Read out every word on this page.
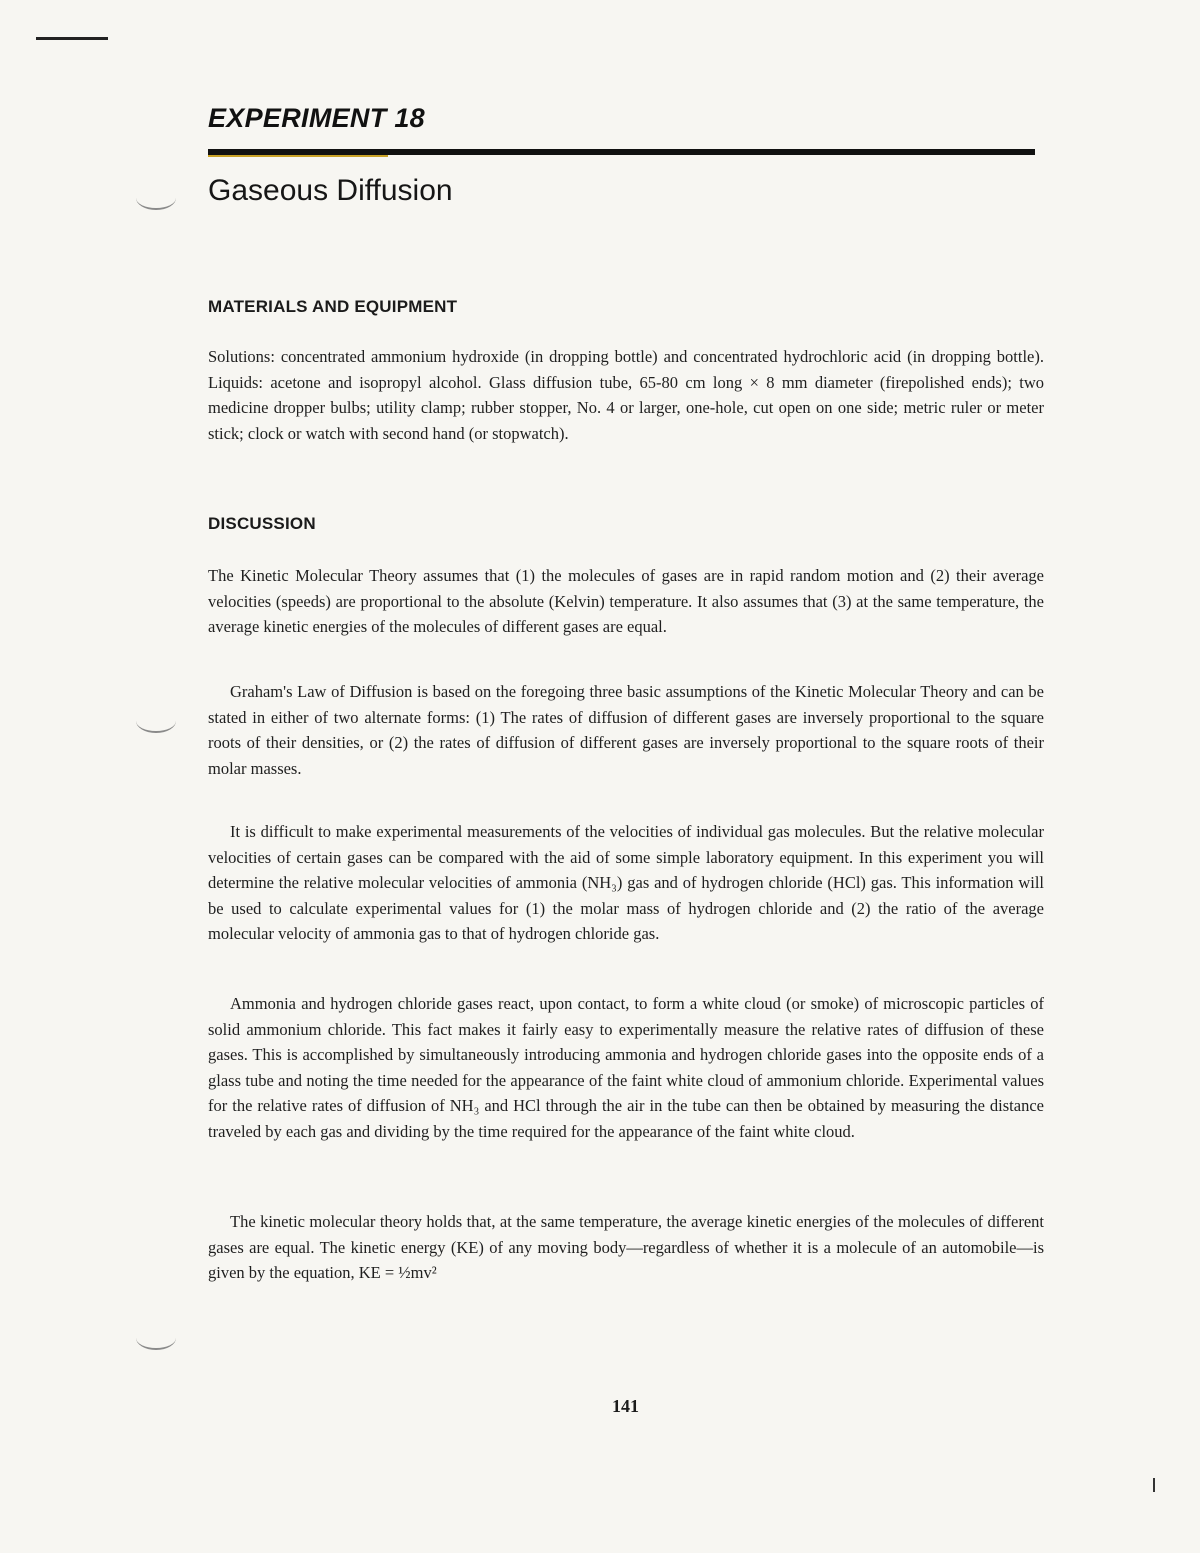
EXPERIMENT 18
Gaseous Diffusion
MATERIALS AND EQUIPMENT
Solutions: concentrated ammonium hydroxide (in dropping bottle) and concentrated hydrochloric acid (in dropping bottle). Liquids: acetone and isopropyl alcohol. Glass diffusion tube, 65-80 cm long × 8 mm diameter (firepolished ends); two medicine dropper bulbs; utility clamp; rubber stopper, No. 4 or larger, one-hole, cut open on one side; metric ruler or meter stick; clock or watch with second hand (or stopwatch).
DISCUSSION
The Kinetic Molecular Theory assumes that (1) the molecules of gases are in rapid random motion and (2) their average velocities (speeds) are proportional to the absolute (Kelvin) temperature. It also assumes that (3) at the same temperature, the average kinetic energies of the molecules of different gases are equal.
Graham's Law of Diffusion is based on the foregoing three basic assumptions of the Kinetic Molecular Theory and can be stated in either of two alternate forms: (1) The rates of diffusion of different gases are inversely proportional to the square roots of their densities, or (2) the rates of diffusion of different gases are inversely proportional to the square roots of their molar masses.
It is difficult to make experimental measurements of the velocities of individual gas molecules. But the relative molecular velocities of certain gases can be compared with the aid of some simple laboratory equipment. In this experiment you will determine the relative molecular velocities of ammonia (NH₃) gas and of hydrogen chloride (HCl) gas. This information will be used to calculate experimental values for (1) the molar mass of hydrogen chloride and (2) the ratio of the average molecular velocity of ammonia gas to that of hydrogen chloride gas.
Ammonia and hydrogen chloride gases react, upon contact, to form a white cloud (or smoke) of microscopic particles of solid ammonium chloride. This fact makes it fairly easy to experimentally measure the relative rates of diffusion of these gases. This is accomplished by simultaneously introducing ammonia and hydrogen chloride gases into the opposite ends of a glass tube and noting the time needed for the appearance of the faint white cloud of ammonium chloride. Experimental values for the relative rates of diffusion of NH₃ and HCl through the air in the tube can then be obtained by measuring the distance traveled by each gas and dividing by the time required for the appearance of the faint white cloud.
The kinetic molecular theory holds that, at the same temperature, the average kinetic energies of the molecules of different gases are equal. The kinetic energy (KE) of any moving body—regardless of whether it is a molecule of an automobile—is given by the equation, KE = ½mv²
141
